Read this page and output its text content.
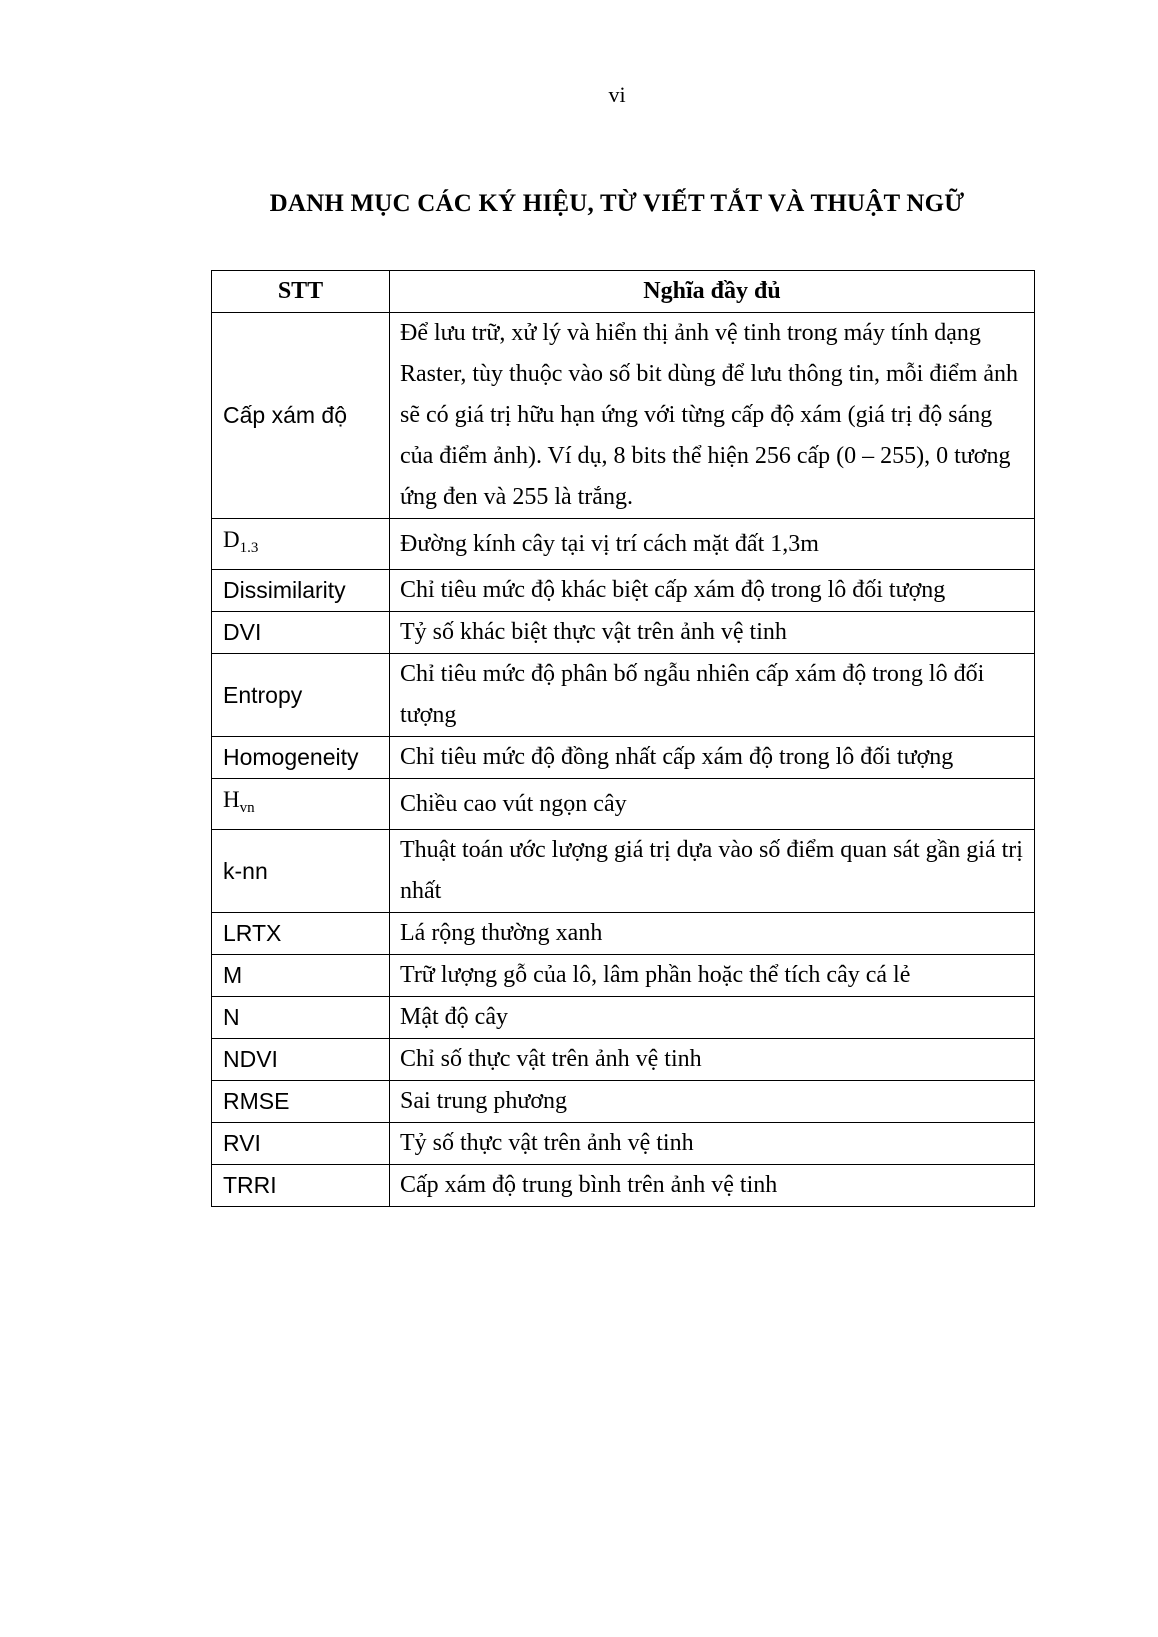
vi
DANH MỤC CÁC KÝ HIỆU, TỪ VIẾT TẮT VÀ THUẬT NGỮ
STT	Nghĩa đầy đủ
Cấp xám độ	Để lưu trữ, xử lý và hiển thị ảnh vệ tinh trong máy tính dạng Raster, tùy thuộc vào số bit dùng để lưu thông tin, mỗi điểm ảnh sẽ có giá trị hữu hạn ứng với từng cấp độ xám (giá trị độ sáng của điểm ảnh). Ví dụ, 8 bits thể hiện 256 cấp (0 – 255), 0 tương ứng đen và 255 là trắng.
$D_{1.3}$	Đường kính cây tại vị trí cách mặt đất 1,3m
Dissimilarity	Chỉ tiêu mức độ khác biệt cấp xám độ trong lô đối tượng
DVI	Tỷ số khác biệt thực vật trên ảnh vệ tinh
Entropy	Chỉ tiêu mức độ phân bố ngẫu nhiên cấp xám độ trong lô đối tượng
Homogeneity	Chỉ tiêu mức độ đồng nhất cấp xám độ trong lô đối tượng
$H_{vn}$	Chiều cao vút ngọn cây
k-nn	Thuật toán ước lượng giá trị dựa vào số điểm quan sát gần giá trị nhất
LRTX	Lá rộng thường xanh
M	Trữ lượng gỗ của lô, lâm phần hoặc thể tích cây cá lẻ
N	Mật độ cây
NDVI	Chỉ số thực vật trên ảnh vệ tinh
RMSE	Sai trung phương
RVI	Tỷ số thực vật trên ảnh vệ tinh
TRRI	Cấp xám độ trung bình trên ảnh vệ tinh
